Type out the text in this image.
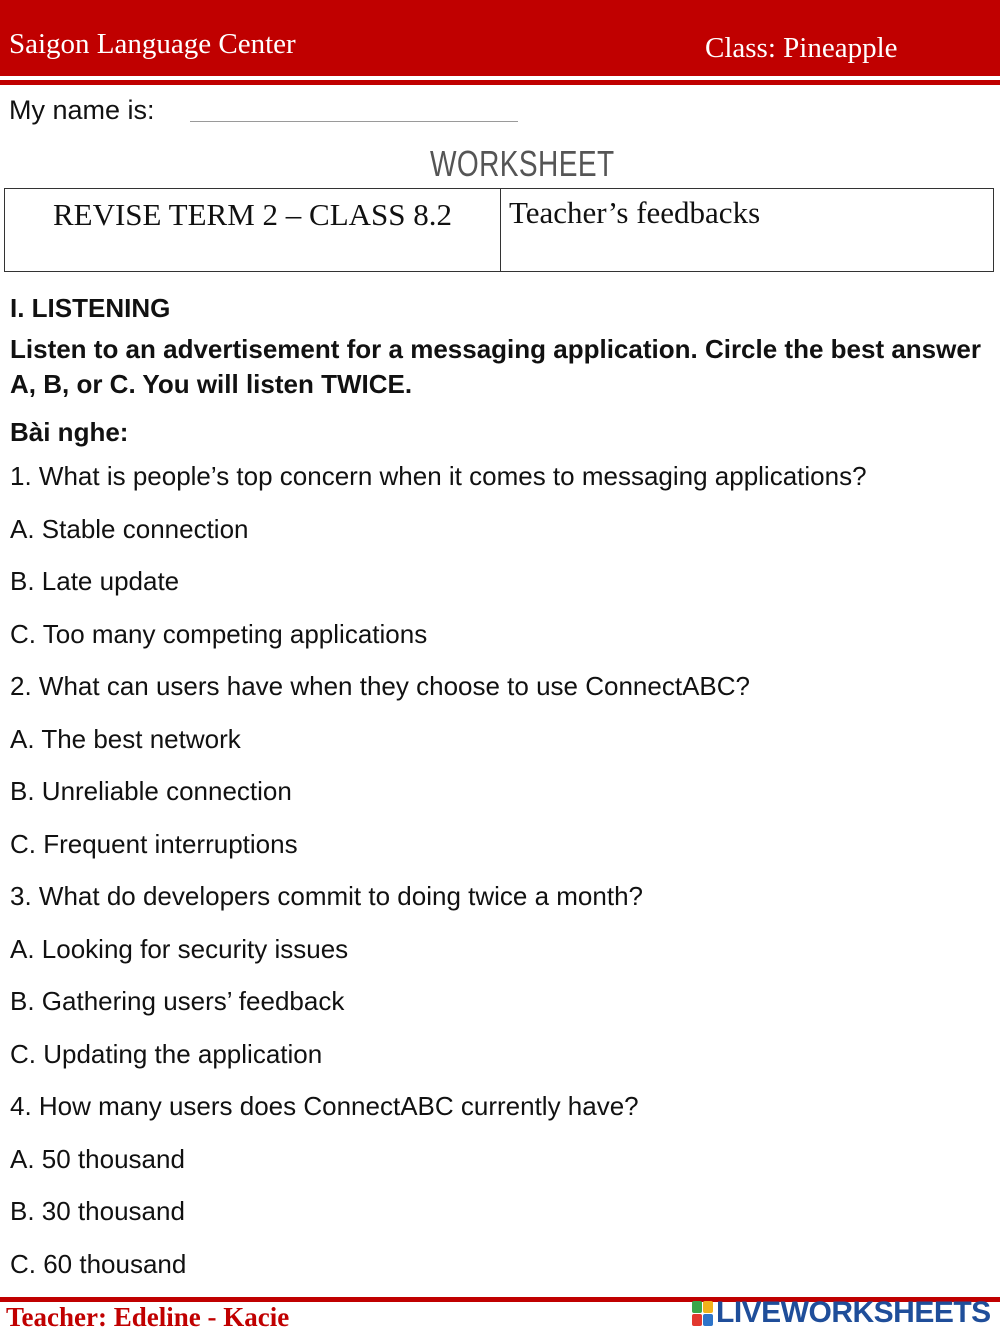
Saigon Language Center	Class: Pineapple
My name is:
WORKSHEET
REVISE TERM 2 – CLASS 8.2	Teacher’s feedbacks

I. LISTENING

Listen to an advertisement for a messaging application. Circle the best answer A, B, or C. You will listen TWICE.

Bài nghe:

1. What is people’s top concern when it comes to messaging applications?
A. Stable connection
B. Late update
C. Too many competing applications
2. What can users have when they choose to use ConnectABC?
A. The best network
B. Unreliable connection
C. Frequent interruptions
3. What do developers commit to doing twice a month?
A. Looking for security issues
B. Gathering users’ feedback
C. Updating the application
4. How many users does ConnectABC currently have?
A. 50 thousand
B. 30 thousand
C. 60 thousand
Teacher: Edeline - Kacie	LIVEWORKSHEETS
